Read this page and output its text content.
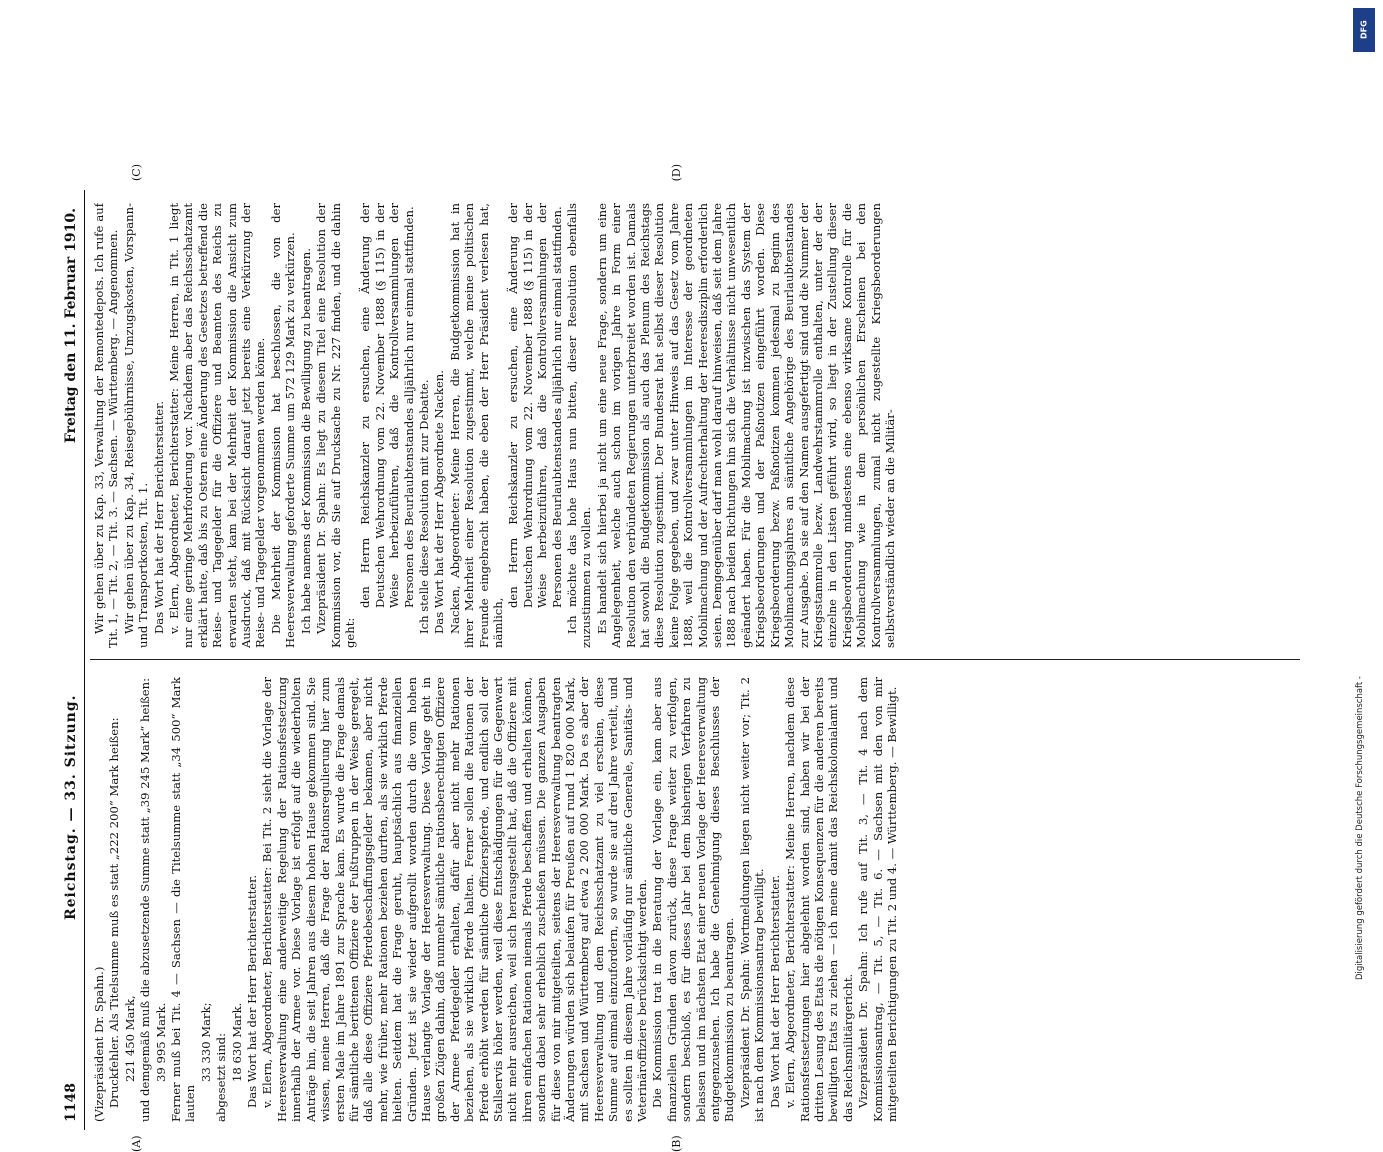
1148
Reichstag. — 33. Sitzung.
Freitag den 11. Februar 1910.
(A)	(B)
(C)	(D)

(Vizepräsident Dr. Spahn.) Druckfehler. Als Titelsumme muß es statt „222 200“ Mark heißen: 221 450 Mark, und demgemäß muß die abzusetzende Summe statt „39 245 Mark“ heißen: 39 995 Mark. Ferner muß bei Tit. 4 — Sachsen — die Titelsumme statt „34 500“ Mark lauten

33 330 Mark; abgesetzt sind: 18 630 Mark. Das Wort hat der Herr Berichterstatter. v. Elern, Abgeordneter, Berichterstatter: Bei Tit. 2 sieht die Vorlage der Heeresverwaltung eine anderweitige Regelung der Rationsfestsetzung innerhalb der Armee vor. Diese Vorlage ist erfolgt auf die wiederholten Anträge hin, die seit Jahren aus diesem hohen Hause gekommen sind. Sie wissen, meine Herren, daß die Frage der Rationsregulierung hier zum ersten Male im Jahre 1891 zur Sprache kam. Es wurde die Frage damals für sämtliche berittenen Offiziere der Fußtruppen in der Weise geregelt, daß alle diese Offiziere Pferdebeschaffungsgelder bekamen, aber nicht mehr, wie früher, mehr Rationen beziehen durften, als sie wirklich Pferde hielten. Seitdem hat die Frage geruht, hauptsächlich aus finanziellen Gründen. Jetzt ist sie wieder aufgerollt worden durch die vom hohen Hause verlangte Vorlage der Heeresverwaltung. Diese Vorlage geht in großen Zügen dahin, daß nunmehr sämtliche rationsberechtigten Offiziere der Armee Pferdegelder erhalten, dafür aber nicht mehr Rationen beziehen, als sie wirklich Pferde halten. Ferner sollen die Rationen der Pferde erhöht werden für sämtliche Offizierspferde, und endlich soll der Stallservis höher werden, weil diese Entschädigungen für die Gegenwart nicht mehr ausreichen, weil sich herausgestellt hat, daß die Offiziere mit ihren einfachen Rationen niemals Pferde beschaffen und erhalten können, sondern dabei sehr erheblich zuschießen müssen. Die ganzen Ausgaben für diese von mir mitgeteilten, seitens der Heeresverwaltung beantragten Änderungen würden sich belaufen für Preußen auf rund 1 820 000 Mark, mit Sachsen und Württemberg auf etwa 2 200 000 Mark. Da es aber der Heeresverwaltung und dem Reichsschatzamt zu viel erschien, diese Summe auf einmal einzufordern, so wurde sie auf drei Jahre verteilt, und es sollten in diesem Jahre vorläufig nur sämtliche Generale, Sanitäts- und Veterinäroffiziere berücksichtigt werden. Die Kommission trat in die Beratung der Vorlage ein, kam aber aus finanziellen Gründen davon zurück, diese Frage weiter zu verfolgen, sondern beschloß, es für dieses Jahr bei dem bisherigen Verfahren zu belassen und im nächsten Etat einer neuen Vorlage der Heeresverwaltung entgegenzusehen. Ich habe die Genehmigung dieses Beschlusses der Budgetkommission zu beantragen. Vizepräsident Dr. Spahn: Wortmeldungen liegen nicht weiter vor; Tit. 2 ist nach dem Kommissionsantrag bewilligt. Das Wort hat der Herr Berichterstatter. v. Elern, Abgeordneter, Berichterstatter: Meine Herren, nachdem diese Rationsfestsetzungen hier abgelehnt worden sind, haben wir bei der dritten Lesung des Etats die nötigen Konsequenzen für die anderen bereits bewilligten Etats zu ziehen — ich meine damit das Reichskolonialamt und das Reichsmilitärgericht. Vizepräsident Dr. Spahn: Ich rufe auf Tit. 3, — Tit. 4 nach dem Kommissionsantrag, — Tit. 5, — Tit. 6. — Sachsen mit den von mir mitgeteilten Berichtigungen zu Tit. 2 und 4. — Württemberg. — Bewilligt.

Wir gehen über zu Kap. 33, Verwaltung der Remontedepots. Ich rufe auf Tit. 1, — Tit. 2, — Tit. 3. — Sachsen. — Württemberg. — Angenommen. Wir gehen über zu Kap. 34, Reisegebührnisse, Umzugskosten, Vorspann- und Transportkosten, Tit. 1. Das Wort hat der Herr Berichterstatter. v. Elern, Abgeordneter, Berichterstatter: Meine Herren, in Tit. 1 liegt nur eine geringe Mehrforderung vor. Nachdem aber das Reichsschatzamt erklärt hatte, daß bis zu Ostern eine Änderung des Gesetzes betreffend die Reise- und Tagegelder für die Offiziere und Beamten des Reichs zu erwarten steht, kam bei der Mehrheit der Kommission die Ansicht zum Ausdruck, daß mit Rücksicht darauf jetzt bereits eine Verkürzung der Reise- und Tagegelder vorgenommen werden könne. Die Mehrheit der Kommission hat beschlossen, die von der Heeresverwaltung geforderte Summe um 572 129 Mark zu verkürzen. Ich habe namens der Kommission die Bewilligung zu beantragen. Vizepräsident Dr. Spahn: Es liegt zu diesem Titel eine Resolution der Kommission vor, die Sie auf Drucksache zu Nr. 227 finden, und die dahin geht:

den Herrn Reichskanzler zu ersuchen, eine Änderung der Deutschen Wehrordnung vom 22. November 1888 (§ 115) in der Weise herbeizuführen, daß die Kontrollversammlungen der Personen des Beurlaubtenstandes alljährlich nur einmal stattfinden. Ich stelle diese Resolution mit zur Debatte. Das Wort hat der Herr Abgeordnete Nacken. Nacken, Abgeordneter: Meine Herren, die Budgetkommission hat in ihrer Mehrheit einer Resolution zugestimmt, welche meine politischen Freunde eingebracht haben, die eben der Herr Präsident verlesen hat, nämlich,

den Herrn Reichskanzler zu ersuchen, eine Änderung der Deutschen Wehrordnung vom 22. November 1888 (§ 115) in der Weise herbeizuführen, daß die Kontrollversammlungen der Personen des Beurlaubtenstandes alljährlich nur einmal stattfinden. Ich möchte das hohe Haus nun bitten, dieser Resolution ebenfalls zuzustimmen zu wollen. Es handelt sich hierbei ja nicht um eine neue Frage, sondern um eine Angelegenheit, welche auch schon im vorigen Jahre in Form einer Resolution den verbündeten Regierungen unterbreitet worden ist. Damals hat sowohl die Budgetkommission als auch das Plenum des Reichstags diese Resolution zugestimmt. Der Bundesrat hat selbst dieser Resolution keine Folge gegeben, und zwar unter Hinweis auf das Gesetz vom Jahre 1888, weil die Kontrollversammlungen im Interesse der geordneten Mobilmachung und der Aufrechterhaltung der Heeresdisziplin erforderlich seien. Demgegenüber darf man wohl darauf hinweisen, daß seit dem Jahre 1888 nach beiden Richtungen hin sich die Verhältnisse nicht unwesentlich geändert haben. Für die Mobilmachung ist inzwischen das System der Kriegsbeorderungen und der Paßnotizen eingeführt worden. Diese Kriegsbeorderung bezw. Paßnotizen kommen jedesmal zu Beginn des Mobilmachungsjahres an sämtliche Angehörige des Beurlaubtenstandes zur Ausgabe. Da sie auf den Namen ausgefertigt sind und die Nummer der Kriegsstammrolle bezw. Landwehrstammrolle enthalten, unter der der einzelne in den Listen geführt wird, so liegt in der Zustellung dieser Kriegsbeorderung mindestens eine ebenso wirksame Kontrolle für die Mobilmachung wie in dem persönlichen Erscheinen bei den Kontrollversammlungen, zumal nicht zugestellte Kriegsbeorderungen selbstverständlich wieder an die Militär-

Digitalisierung gefördert durch die Deutsche Forschungsgemeinschaft -
DFG
